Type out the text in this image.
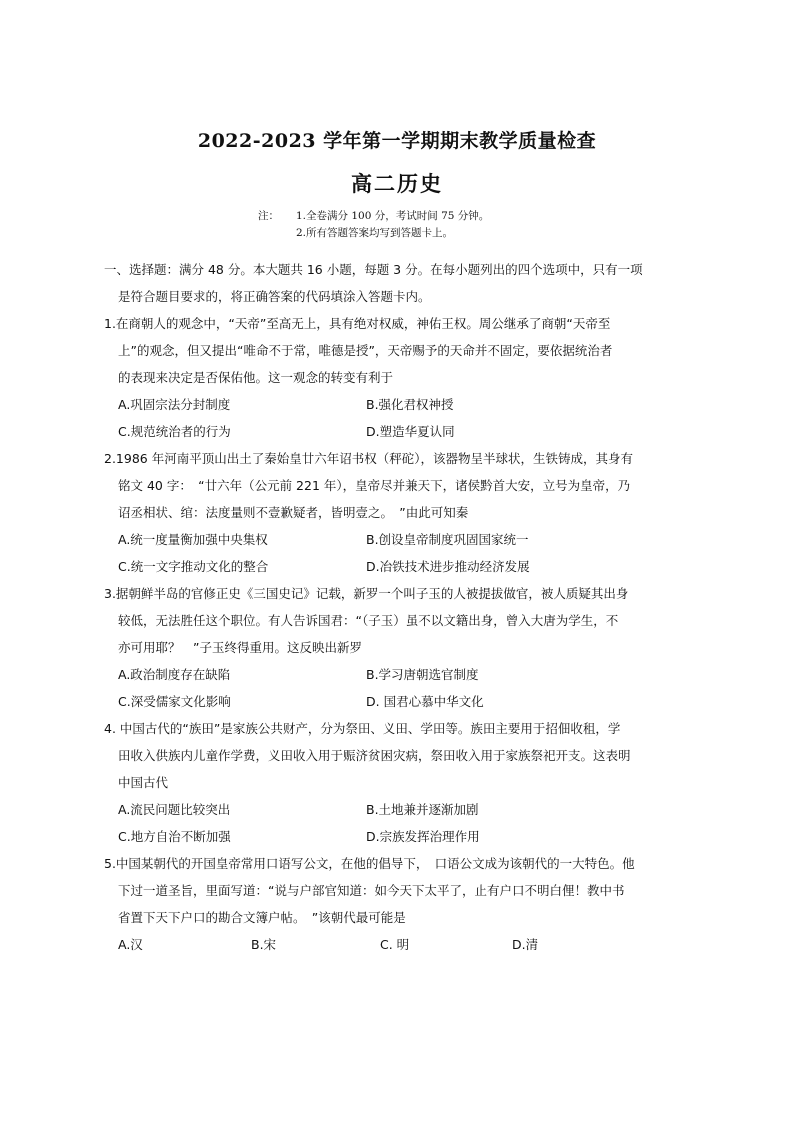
2022-2023 学年第一学期期末教学质量检查
高二历史
注：	1.全卷满分 100 分，考试时间 75 分钟。
2.所有答题答案均写到答题卡上。
一、选择题：满分 48 分。本大题共 16 小题，每题 3 分。在每小题列出的四个选项中，只有一项
是符合题目要求的，将正确答案的代码填涂入答题卡内。
1.在商朝人的观念中，“天帝”至高无上，具有绝对权威，神佑王权。周公继承了商朝“天帝至
上”的观念，但又提出“唯命不于常，唯德是授”，天帝赐予的天命并不固定，要依据统治者
的表现来决定是否保佑他。这一观念的转变有利于
A.巩固宗法分封制度	B.强化君权神授
C.规范统治者的行为	D.塑造华夏认同
2.1986 年河南平顶山出土了秦始皇廿六年诏书权（秤砣），该器物呈半球状，生铁铸成，其身有
铭文 40 字：　“廿六年（公元前 221 年），皇帝尽并兼天下，诸侯黔首大安，立号为皇帝，乃
诏丞相状、绾：法度量则不壹歉疑者，皆明壹之。　”由此可知秦
A.统一度量衡加强中央集权	B.创设皇帝制度巩固国家统一
C.统一文字推动文化的整合	D.冶铁技术进步推动经济发展
3.据朝鲜半岛的官修正史《三国史记》记载，新罗一个叫子玉的人被提拔做官，被人质疑其出身
较低，无法胜任这个职位。有人告诉国君：“（子玉）虽不以文籍出身，曾入大唐为学生，不
亦可用耶？　”子玉终得重用。这反映出新罗
A.政治制度存在缺陷	B.学习唐朝选官制度
C.深受儒家文化影响	D. 国君心慕中华文化
4. 中国古代的“族田”是家族公共财产，分为祭田、义田、学田等。族田主要用于招佃收租，学
田收入供族内儿童作学费，义田收入用于赈济贫困灾病，祭田收入用于家族祭祀开支。这表明
中国古代
A.流民问题比较突出	B.土地兼并逐渐加剧
C.地方自治不断加强	D.宗族发挥治理作用
5.中国某朝代的开国皇帝常用口语写公文，在他的倡导下，　口语公文成为该朝代的一大特色。他
下过一道圣旨，里面写道：“说与户部官知道：如今天下太平了，止有户口不明白俚！教中书
省置下天下户口的勘合文簿户帖。　”该朝代最可能是
A.汉	B.宋	C. 明	D.清
